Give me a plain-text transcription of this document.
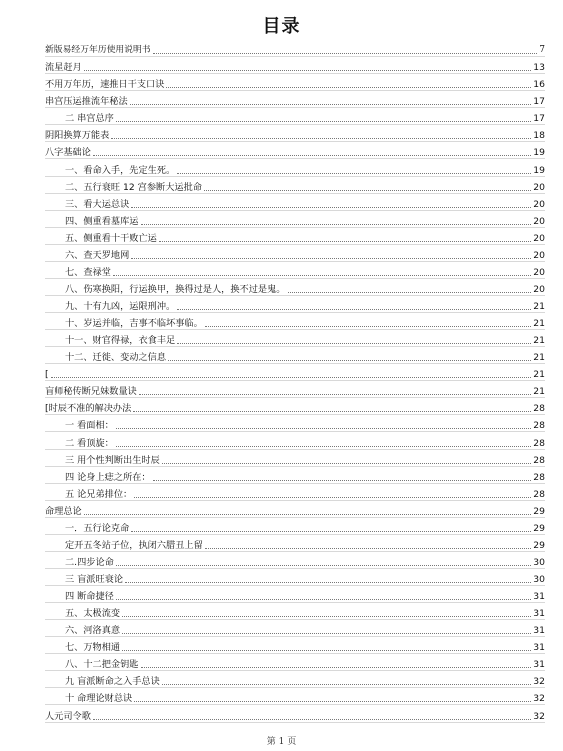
目录
新版易经万年历使用说明书	7
流星赶月	13
不用万年历，速推日干支口诀	16
串宫压运推流年秘法	17
二 串宫总序	17
阴阳换算万能表	18
八字基础论	19
一、看命入手，先定生死。	19
二、五行衰旺 12 宫参断大运批命	20
三、看大运总诀	20
四、侧重看墓库运	20
五、侧重看十干败亡运	20
六、查天罗地网	20
七、查禄堂	20
八、伤寒换阳，行运换甲，换得过是人，换不过是鬼。	20
九、十有九凶，运限刑冲。	21
十、岁运并临，吉事不临坏事临。	21
十一、财官得禄，衣食丰足	21
十二、迁徙、变动之信息	21
[	21
盲师秘传断兄妹数量诀	21
[时辰不准的解决办法	28
一 看面相：	28
二 看顶旋：	28
三 用个性判断出生时辰	28
四 论身上痣之所在：	28
五 论兄弟排位：	28
命理总论	29
一．五行论克命	29
定开五冬站子位，执闭六腊丑上留	29
二.四步论命	30
三 盲派旺衰论	30
四 断命捷径	31
五、太极流变	31
六、河洛真意	31
七、万物相通	31
八、十二把金钥匙	31
九 盲派断命之入手总诀	32
十 命理论财总诀	32
人元司令歌	32
第 1 页
